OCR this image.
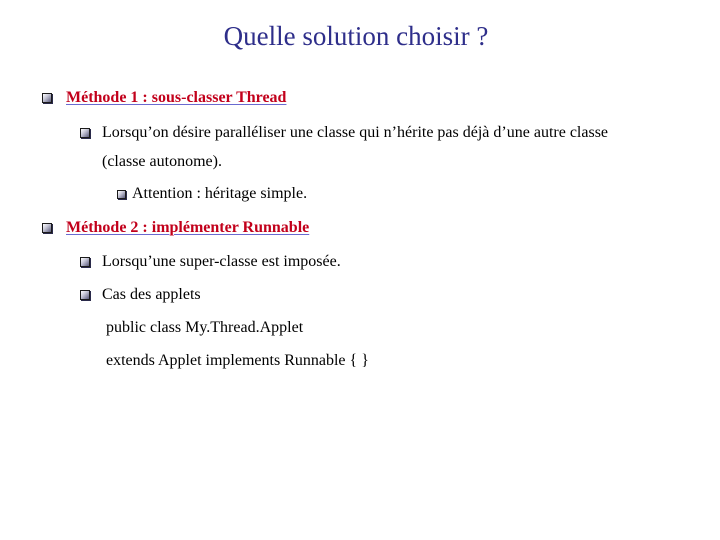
Quelle solution choisir ?
Méthode 1 : sous-classer Thread
Lorsqu’on désire paralléliser une classe qui n’hérite pas déjà d’une autre classe
(classe autonome).
Attention : héritage simple.
Méthode 2 : implémenter Runnable
Lorsqu’une super-classe est imposée.
Cas des applets
public class My.Thread.Applet
extends Applet implements Runnable { }
